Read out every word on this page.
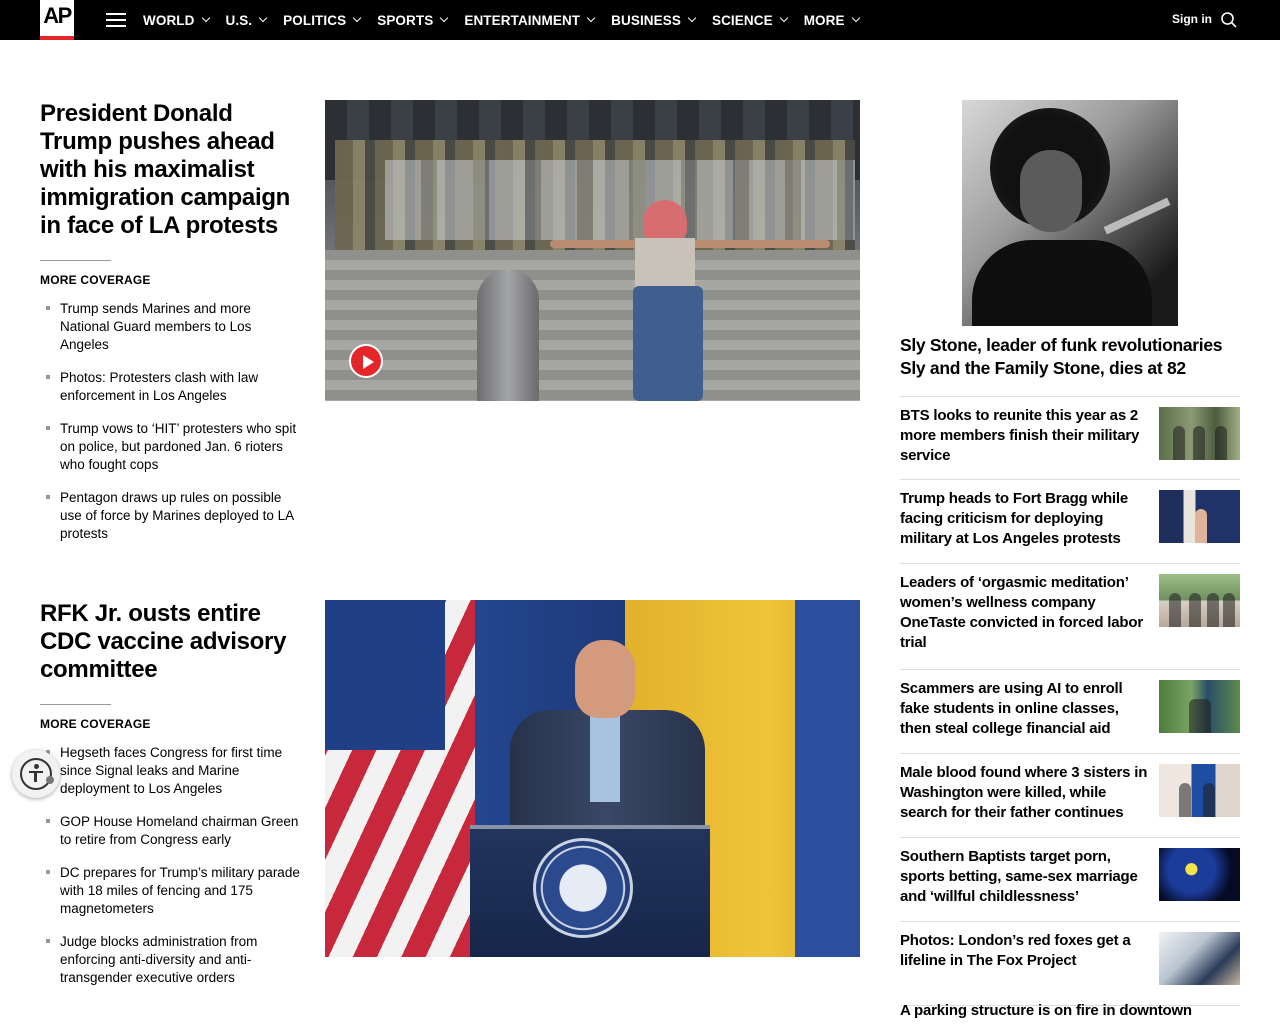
AP	WORLD U.S. POLITICS SPORTS ENTERTAINMENT BUSINESS SCIENCE MORE	Sign in
President Donald Trump pushes ahead with his maximalist immigration campaign in face of LA protests
MORE COVERAGE
Trump sends Marines and more National Guard members to Los Angeles
Photos: Protesters clash with law enforcement in Los Angeles
Trump vows to ‘HIT’ protesters who spit on police, but pardoned Jan. 6 rioters who fought cops
Pentagon draws up rules on possible use of force by Marines deployed to LA protests
RFK Jr. ousts entire CDC vaccine advisory committee
MORE COVERAGE
Hegseth faces Congress for first time since Signal leaks and Marine deployment to Los Angeles
GOP House Homeland chairman Green to retire from Congress early
DC prepares for Trump’s military parade with 18 miles of fencing and 175 magnetometers
Judge blocks administration from enforcing anti-diversity and anti-transgender executive orders
Sly Stone, leader of funk revolutionaries Sly and the Family Stone, dies at 82
BTS looks to reunite this year as 2 more members finish their military service
Trump heads to Fort Bragg while facing criticism for deploying military at Los Angeles protests
Leaders of ‘orgasmic meditation’ women’s wellness company OneTaste convicted in forced labor trial
Scammers are using AI to enroll fake students in online classes, then steal college financial aid
Male blood found where 3 sisters in Washington were killed, while search for their father continues
Southern Baptists target porn, sports betting, same-sex marriage and ‘willful childlessness’
Photos: London’s red foxes get a lifeline in The Fox Project
A parking structure is on fire in downtown
